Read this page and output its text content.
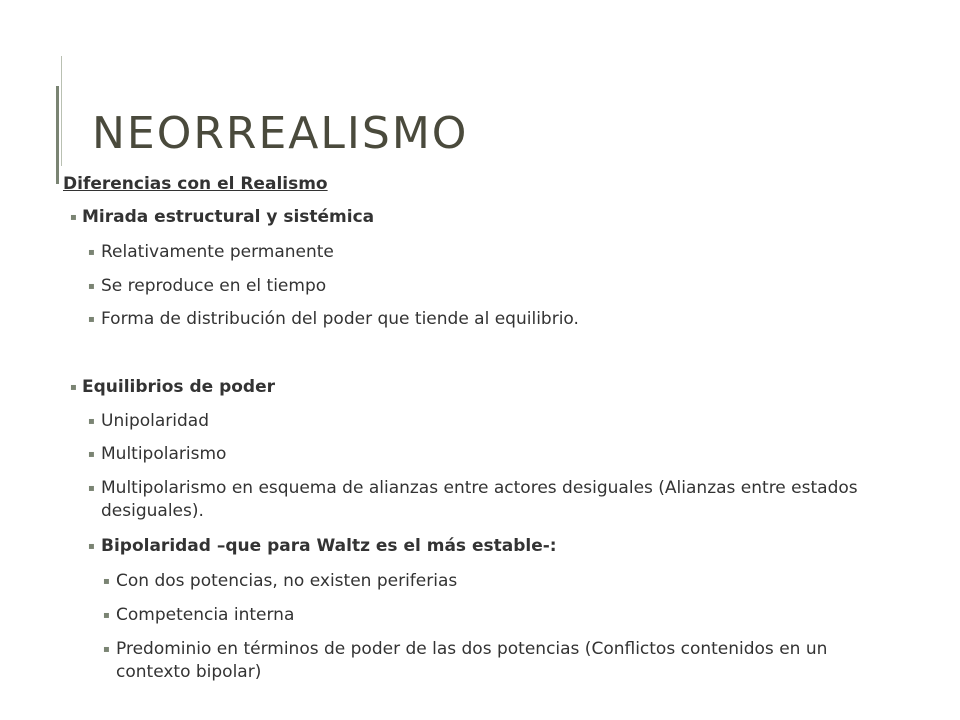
NEORREALISMO
Diferencias con el Realismo
▪ Mirada estructural y sistémica
▪ Relativamente permanente
▪ Se reproduce en el tiempo
▪ Forma de distribución del poder que tiende al equilibrio.
▪ Equilibrios de poder
▪ Unipolaridad
▪ Multipolarismo
▪ Multipolarismo en esquema de alianzas entre actores desiguales (Alianzas entre estados desiguales).
▪ Bipolaridad –que para Waltz es el más estable-:
▪ Con dos potencias, no existen periferias
▪ Competencia interna
▪ Predominio en términos de poder de las dos potencias (Conflictos contenidos en un contexto bipolar)
